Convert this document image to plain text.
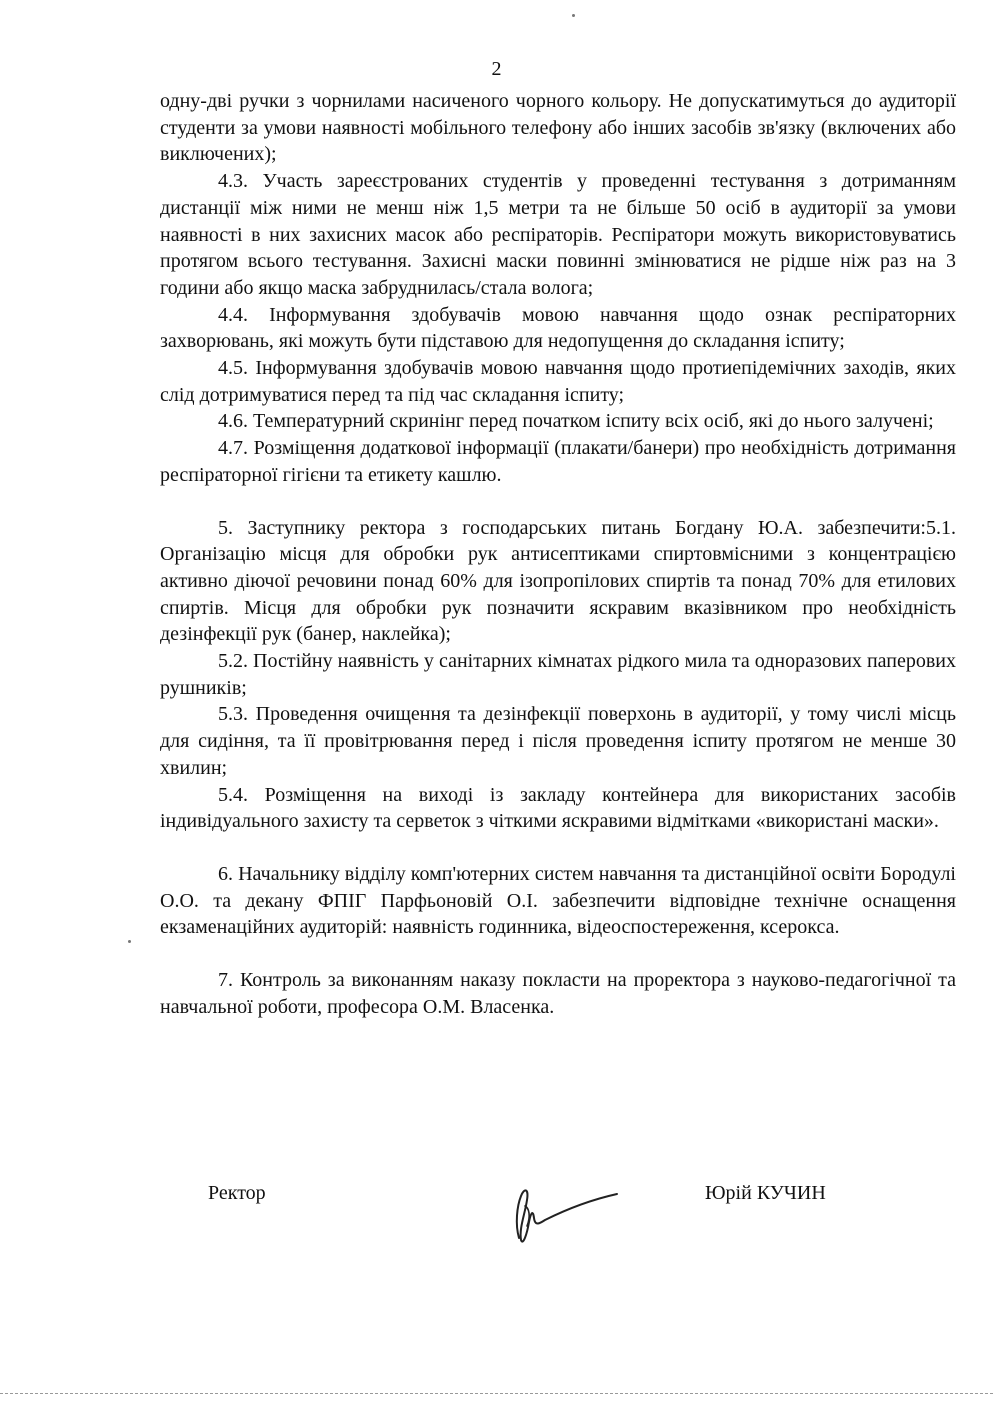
2

одну-дві ручки з чорнилами насиченого чорного кольору. Не допускатимуться до аудиторії студенти за умови наявності мобільного телефону або інших засобів зв'язку (включених або виключених);

4.3. Участь зареєстрованих студентів у проведенні тестування з дотриманням дистанції між ними не менш ніж 1,5 метри та не більше 50 осіб в аудиторії за умови наявності в них захисних масок або респіраторів. Респіратори можуть використовуватись протягом всього тестування. Захисні маски повинні змінюватися не рідше ніж раз на 3 години або якщо маска забруднилась/стала волога;

4.4. Інформування здобувачів мовою навчання щодо ознак респіраторних захворювань, які можуть бути підставою для недопущення до складання іспиту;

4.5. Інформування здобувачів мовою навчання щодо протиепідемічних заходів, яких слід дотримуватися перед та під час складання іспиту;

4.6. Температурний скринінг перед початком іспиту всіх осіб, які до нього залучені;

4.7. Розміщення додаткової інформації (плакати/банери) про необхідність дотримання респіраторної гігієни та етикету кашлю.

5. Заступнику ректора з господарських питань Богдану Ю.А. забезпечити:5.1. Організацію місця для обробки рук антисептиками спиртовмісними з концентрацією активно діючої речовини понад 60% для ізопропілових спиртів та понад 70% для етилових спиртів. Місця для обробки рук позначити яскравим вказівником про необхідність дезінфекції рук (банер, наклейка);

5.2. Постійну наявність у санітарних кімнатах рідкого мила та одноразових паперових рушників;

5.3. Проведення очищення та дезінфекції поверхонь в аудиторії, у тому числі місць для сидіння, та її провітрювання перед і після проведення іспиту протягом не менше 30 хвилин;

5.4. Розміщення на виході із закладу контейнера для використаних засобів індивідуального захисту та серветок з чіткими яскравими відмітками «використані маски».

6. Начальнику відділу комп'ютерних систем навчання та дистанційної освіти Бородулі О.О. та декану ФПІГ Парфьоновій О.І. забезпечити відповідне технічне оснащення екзаменаційних аудиторій: наявність годинника, відеоспостереження, ксерокса.

7. Контроль за виконанням наказу покласти на проректора з науково-педагогічної та навчальної роботи, професора О.М. Власенка.

Ректор	Юрій КУЧИН
